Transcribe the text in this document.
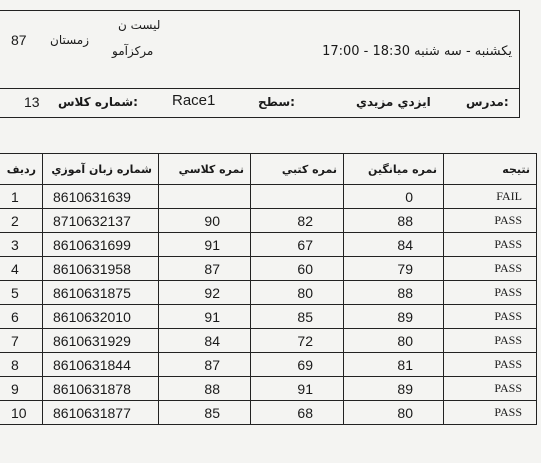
ليست ن
مركزآمو
87 زمستان
يكشنبه - سه شنبه 18:30 - 17:00
13 شماره كلاس: Race1	سطح:	ايزدي مزيدي	مدرس:
رديف	شماره زبان آموزي	نمره كلاسي	نمره كتبي	نمره ميانگين	نتيجه
1	8610631639			0	FAIL
2	8710632137	90	82	88	PASS
3	8610631699	91	67	84	PASS
4	8610631958	87	60	79	PASS
5	8610631875	92	80	88	PASS
6	8610632010	91	85	89	PASS
7	8610631929	84	72	80	PASS
8	8610631844	87	69	81	PASS
9	8610631878	88	91	89	PASS
10	8610631877	85	68	80	PASS
